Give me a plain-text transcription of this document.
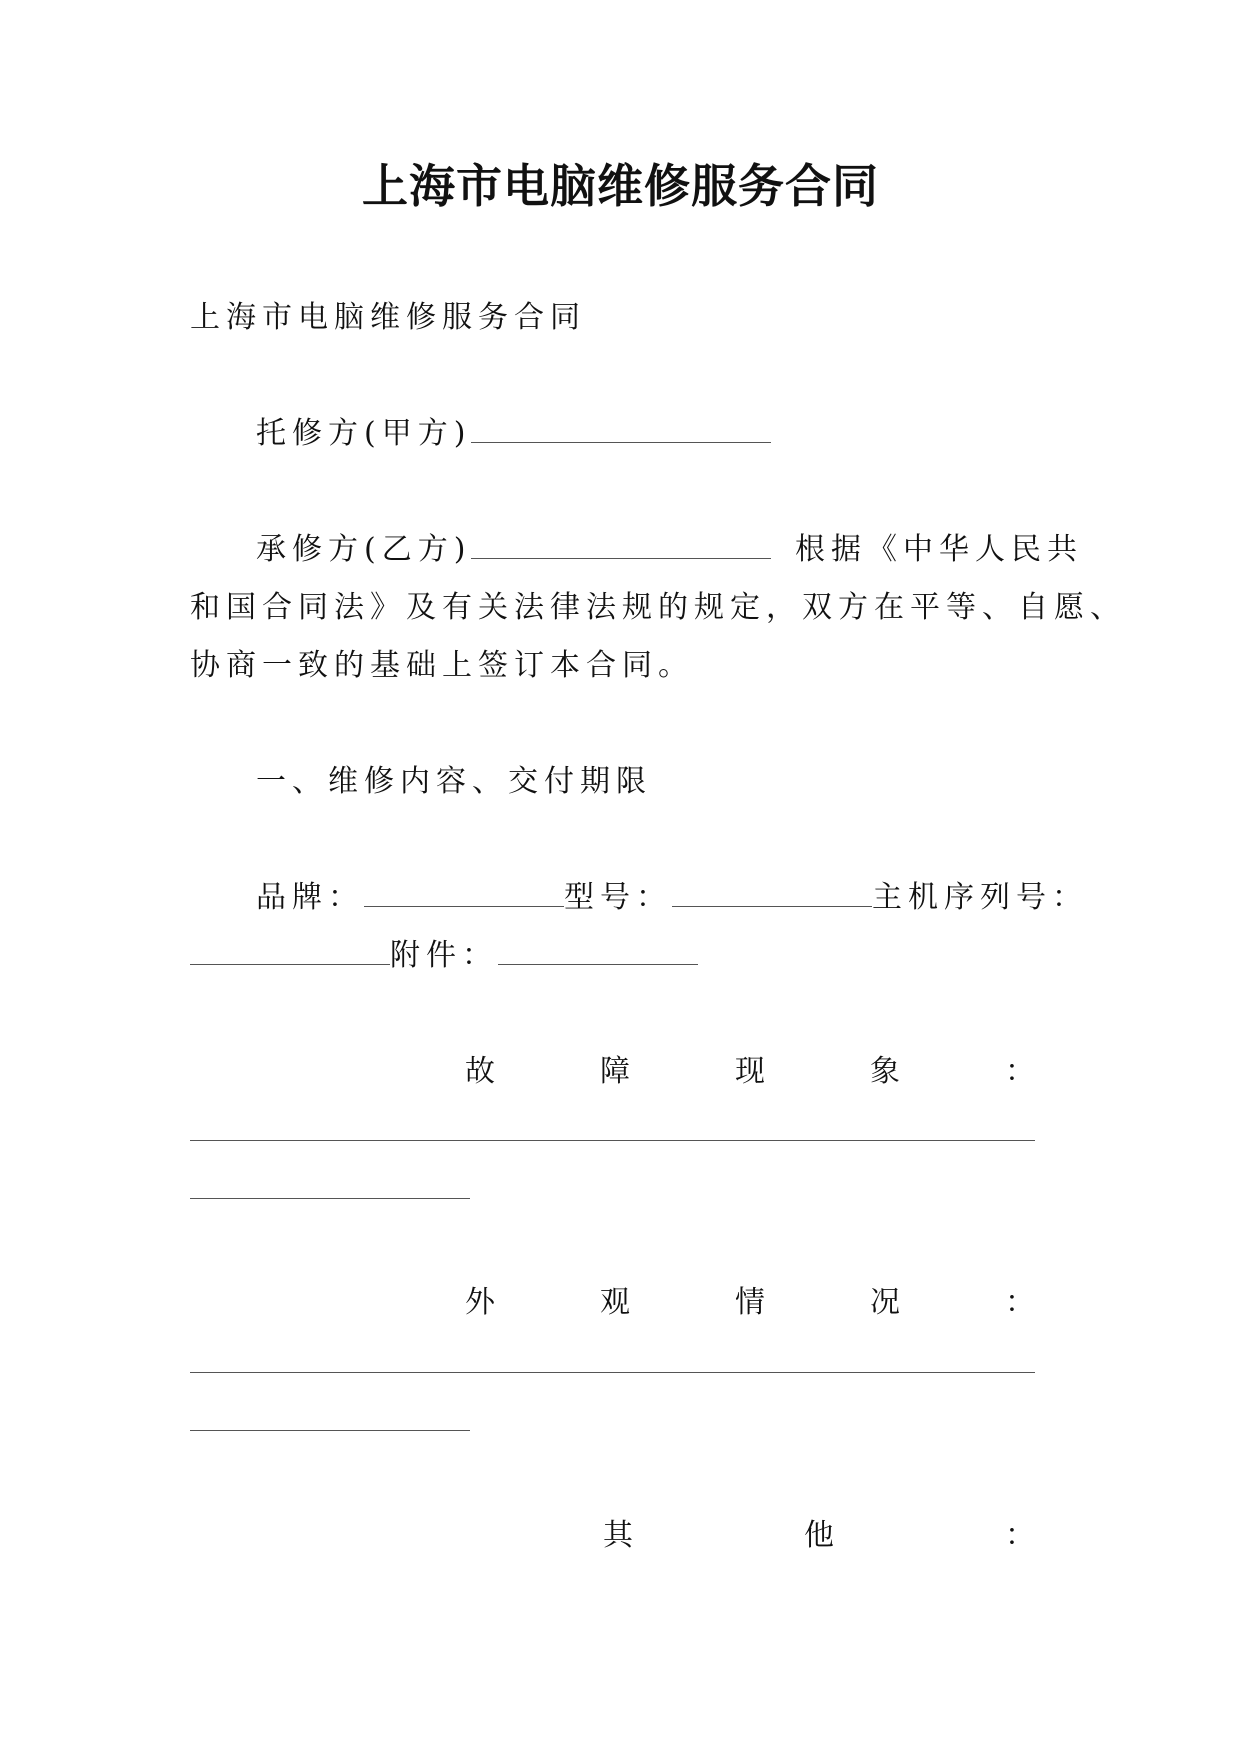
上海市电脑维修服务合同
上海市电脑维修服务合同
托修方(甲方)
承修方(乙方)	根据《中华人民共
和国合同法》及有关法律法规的规定，双方在平等、自愿、
协商一致的基础上签订本合同。
一、维修内容、交付期限
品牌：	型号：	主机序列号：
附件：
故	障	现	象	：
外	观	情	况	：
其	他	：
